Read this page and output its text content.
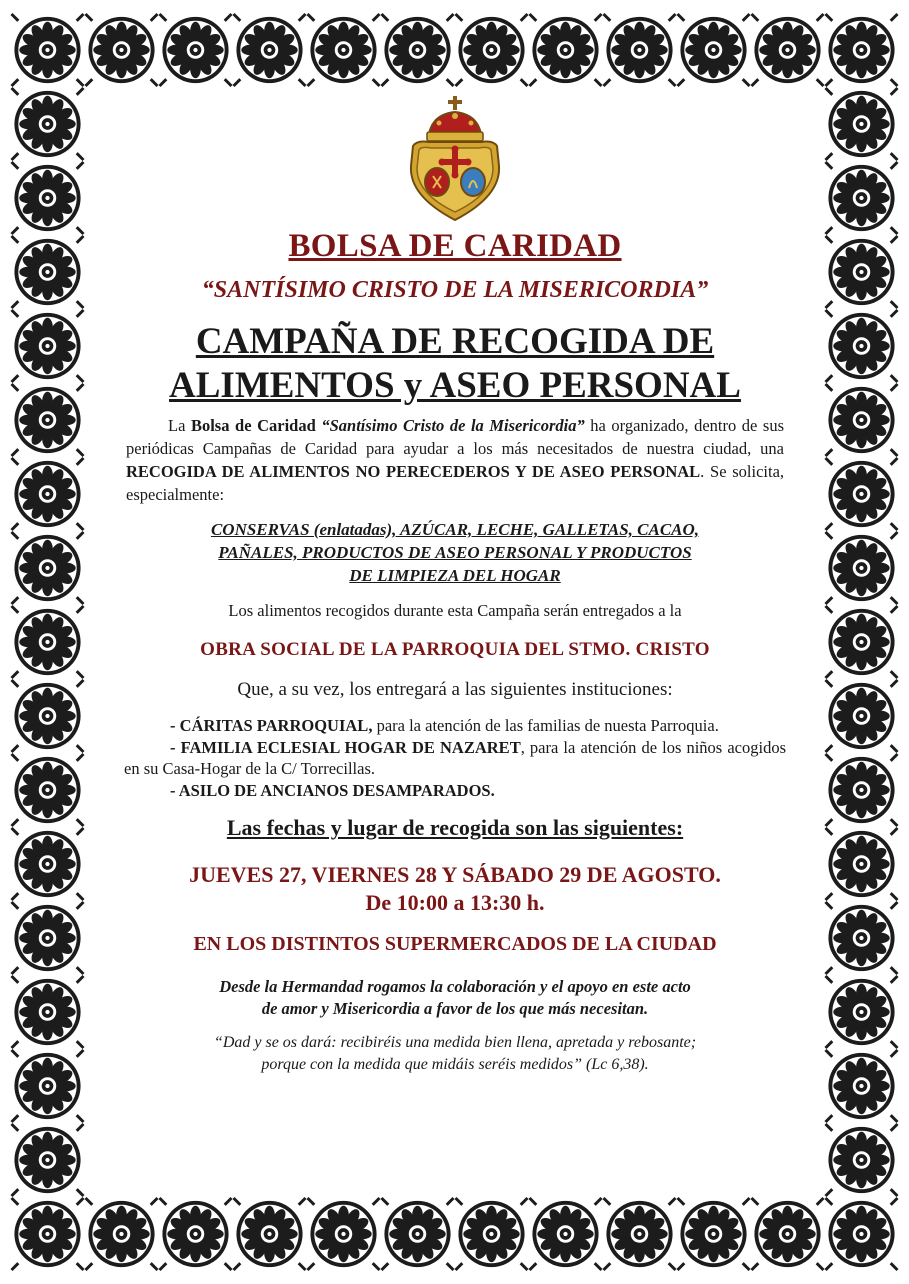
BOLSA DE CARIDAD
“SANTÍSIMO CRISTO DE LA MISERICORDIA”
CAMPAÑA DE RECOGIDA DE
ALIMENTOS y ASEO PERSONAL
La Bolsa de Caridad “Santísimo Cristo de la Misericordia” ha organizado, dentro de sus periódicas Campañas de Caridad para ayudar a los más necesitados de nuestra ciudad, una RECOGIDA DE ALIMENTOS NO PERECEDEROS Y DE ASEO PERSONAL. Se solicita, especialmente:
CONSERVAS (enlatadas), AZÚCAR, LECHE, GALLETAS, CACAO,
PAÑALES, PRODUCTOS DE ASEO PERSONAL Y PRODUCTOS
DE LIMPIEZA DEL HOGAR
Los alimentos recogidos durante esta Campaña serán entregados a la
OBRA SOCIAL DE LA PARROQUIA DEL STMO. CRISTO
Que, a su vez, los entregará a las siguientes instituciones:
- CÁRITAS PARROQUIAL, para la atención de las familias de nuesta Parroquia.
- FAMILIA ECLESIAL HOGAR DE NAZARET, para la atención de los niños acogidos en su Casa-Hogar de la C/ Torrecillas.
- ASILO DE ANCIANOS DESAMPARADOS.
Las fechas y lugar de recogida son las siguientes:
JUEVES 27, VIERNES 28 Y SÁBADO 29 DE AGOSTO.
De 10:00 a 13:30 h.
EN LOS DISTINTOS SUPERMERCADOS DE LA CIUDAD
Desde la Hermandad rogamos la colaboración y el apoyo en este acto
de amor y Misericordia a favor de los que más necesitan.
“Dad y se os dará: recibiréis una medida bien llena, apretada y rebosante;
porque con la medida que midáis seréis medidos” (Lc 6,38).
